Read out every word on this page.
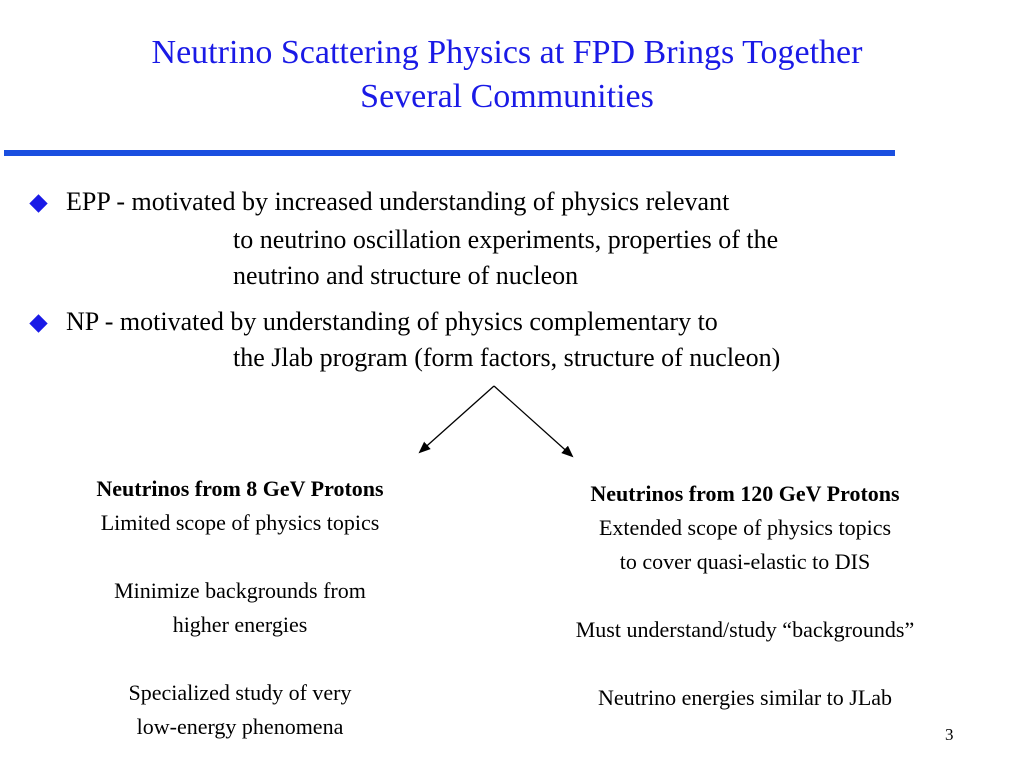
Neutrino Scattering Physics at FPD Brings Together
Several Communities
EPP - motivated by increased understanding of physics relevant
to neutrino oscillation experiments, properties of the
neutrino and structure of nucleon
NP - motivated by understanding of physics complementary to
the Jlab program (form factors, structure of nucleon)
Neutrinos from 8 GeV Protons
Limited scope of physics topics
Minimize backgrounds from
higher energies
Specialized study of very
low-energy phenomena
Neutrinos from 120 GeV Protons
Extended scope of physics topics
to cover quasi-elastic to DIS
Must understand/study “backgrounds”
Neutrino energies similar to JLab
3
